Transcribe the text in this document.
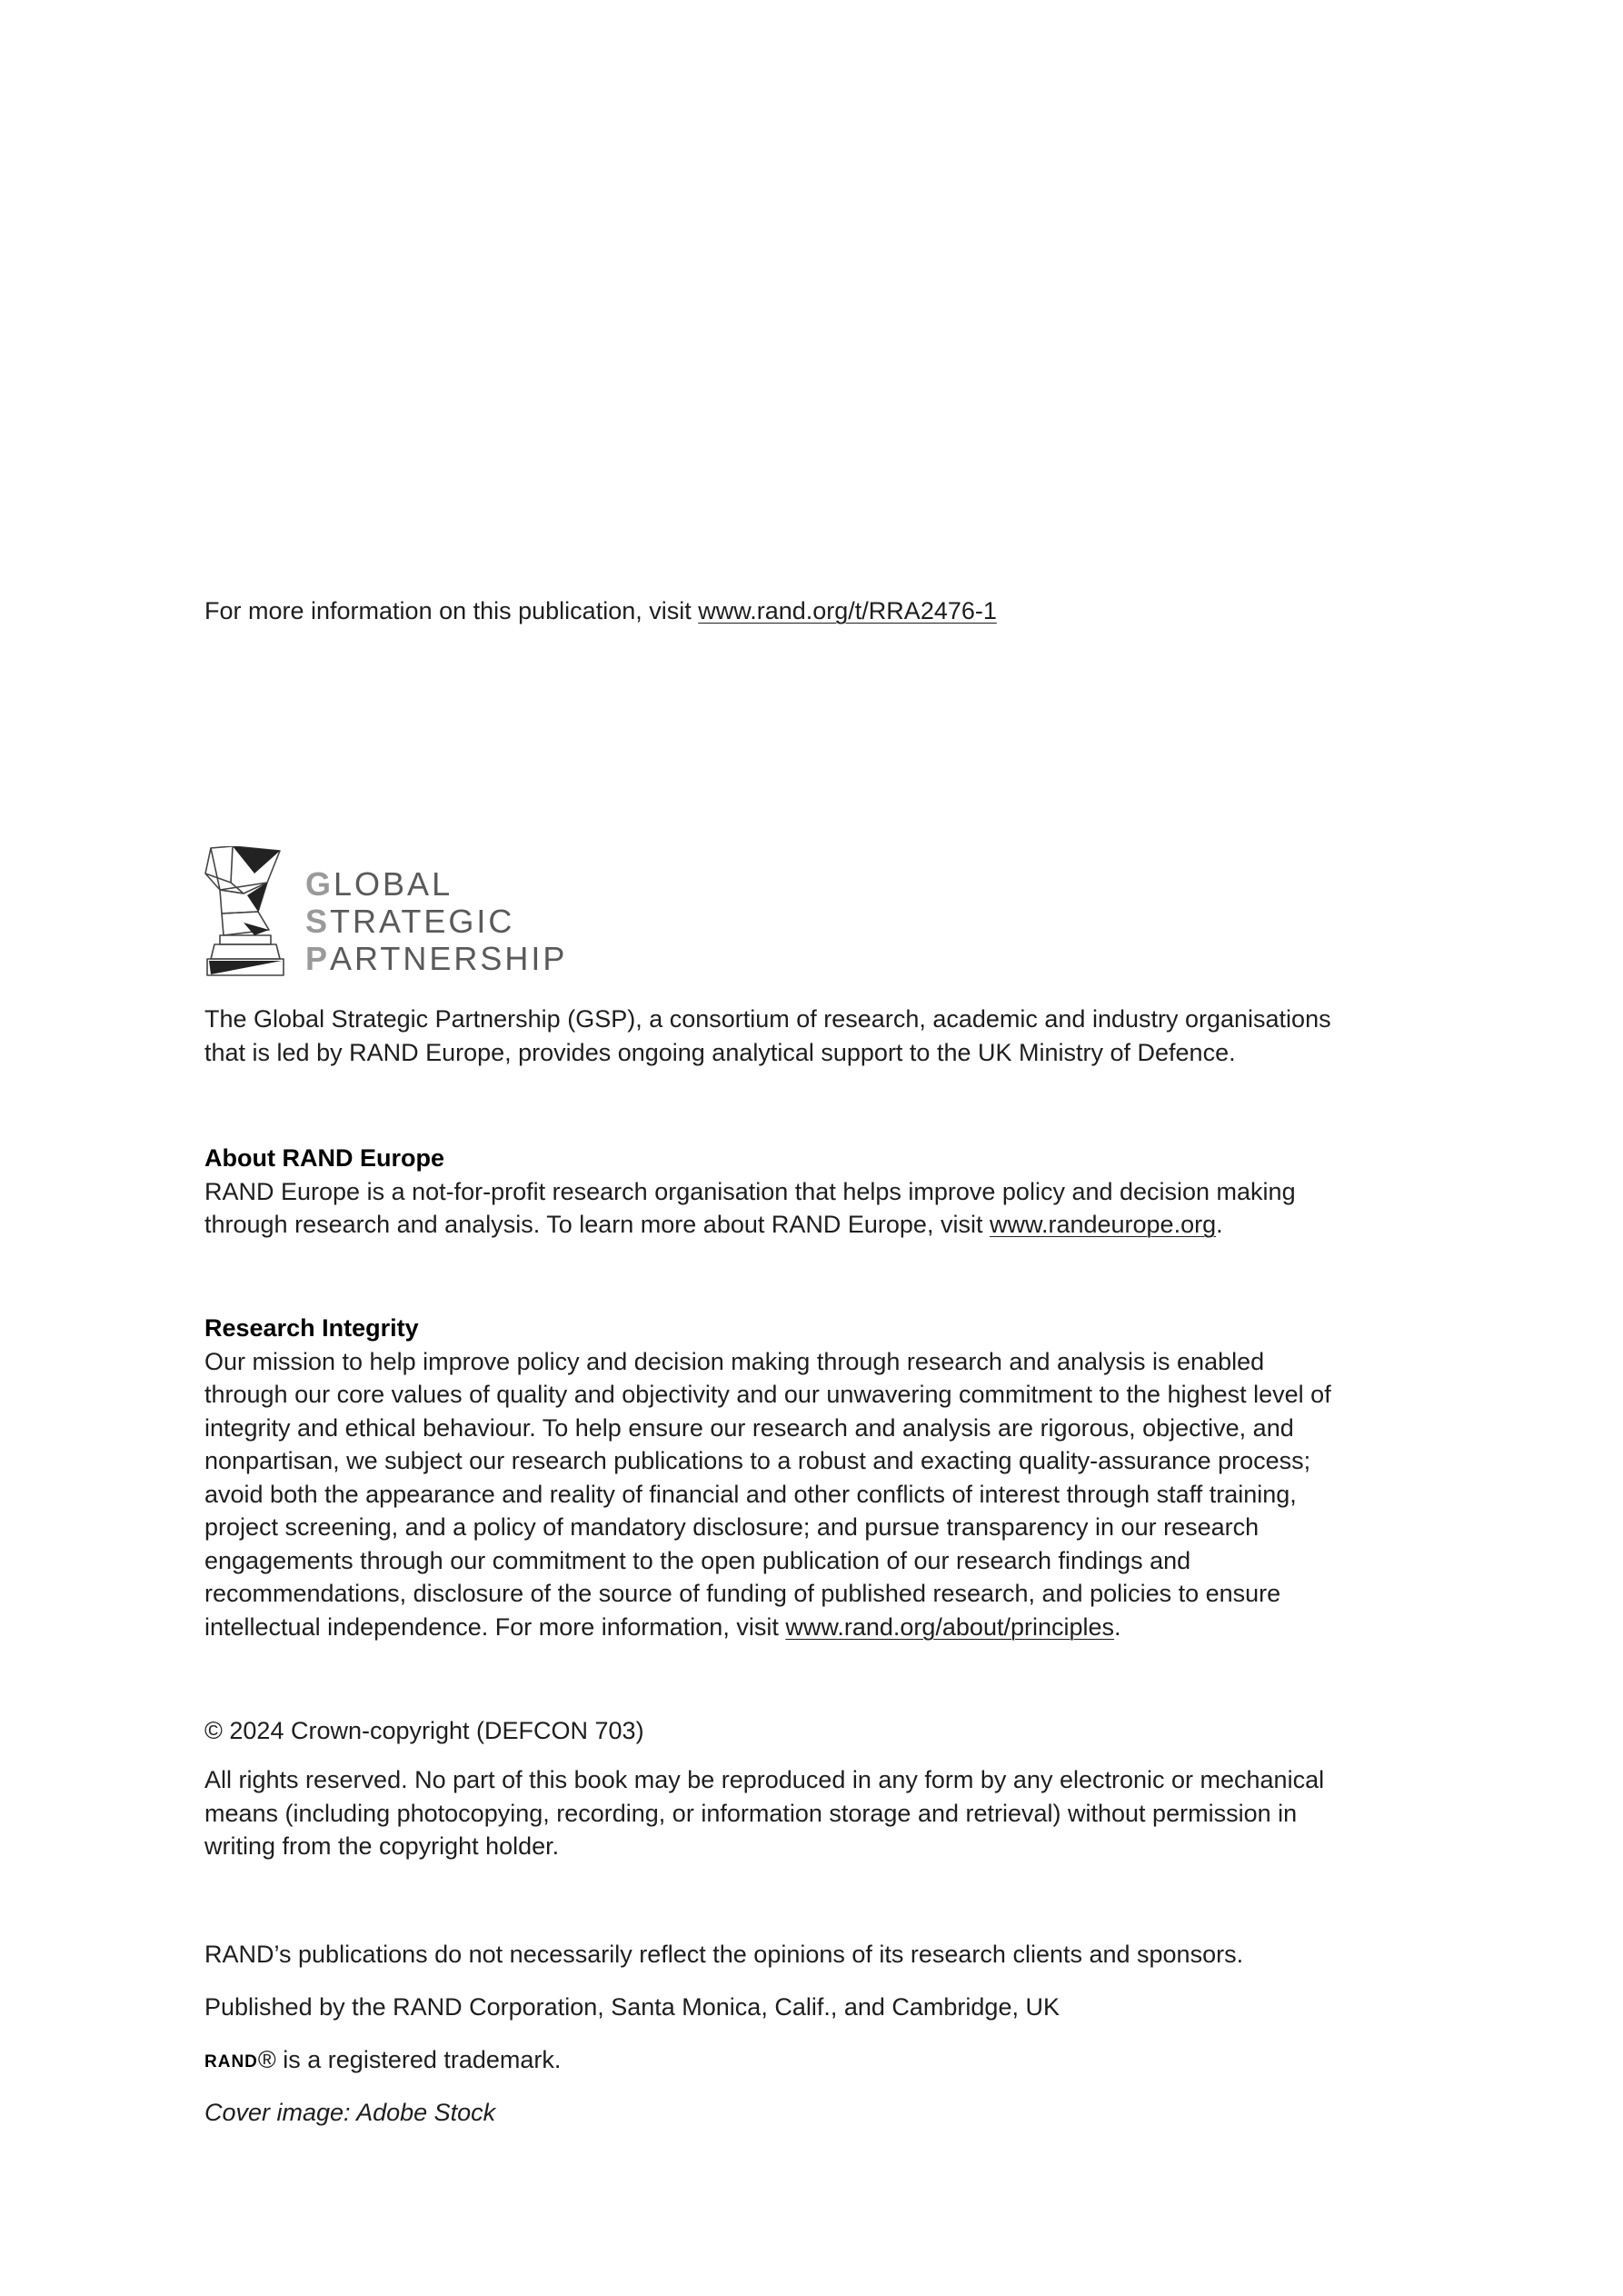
For more information on this publication, visit www.rand.org/t/RRA2476-1
GLOBAL
STRATEGIC
PARTNERSHIP

The Global Strategic Partnership (GSP), a consortium of research, academic and industry organisations that is led by RAND Europe, provides ongoing analytical support to the UK Ministry of Defence.

About RAND Europe

RAND Europe is a not-for-profit research organisation that helps improve policy and decision making through research and analysis. To learn more about RAND Europe, visit www.randeurope.org.

Research Integrity

Our mission to help improve policy and decision making through research and analysis is enabled through our core values of quality and objectivity and our unwavering commitment to the highest level of integrity and ethical behaviour. To help ensure our research and analysis are rigorous, objective, and nonpartisan, we subject our research publications to a robust and exacting quality-assurance process; avoid both the appearance and reality of financial and other conflicts of interest through staff training, project screening, and a policy of mandatory disclosure; and pursue transparency in our research engagements through our commitment to the open publication of our research findings and recommendations, disclosure of the source of funding of published research, and policies to ensure intellectual independence. For more information, visit www.rand.org/about/principles.

© 2024 Crown-copyright (DEFCON 703)

All rights reserved. No part of this book may be reproduced in any form by any electronic or mechanical means (including photocopying, recording, or information storage and retrieval) without permission in writing from the copyright holder.

RAND’s publications do not necessarily reflect the opinions of its research clients and sponsors.

Published by the RAND Corporation, Santa Monica, Calif., and Cambridge, UK

RAND® is a registered trademark.

Cover image: Adobe Stock
